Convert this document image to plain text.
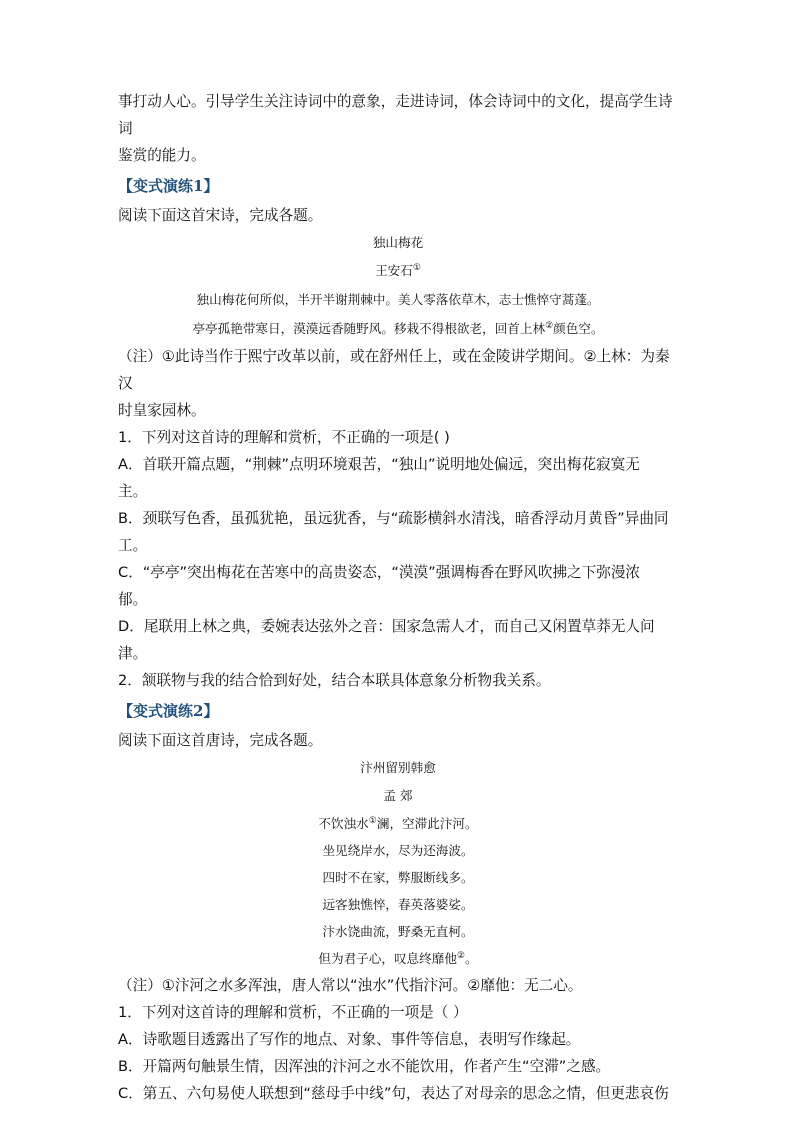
事打动人心。引导学生关注诗词中的意象，走进诗词，体会诗词中的文化，提高学生诗词

鉴赏的能力。

【变式演练1】

阅读下面这首宋诗，完成各题。

独山梅花
王安石①
独山梅花何所似，半开半谢荆棘中。美人零落依草木，志士憔悴守蒿蓬。
亭亭孤艳带寒日，漠漠远香随野风。移栽不得根欲老，回首上林②颜色空。

（注）①此诗当作于熙宁改革以前，或在舒州任上，或在金陵讲学期间。②上林：为秦汉

时皇家园林。

1．下列对这首诗的理解和赏析，不正确的一项是( )

A．首联开篇点题，“荆棘”点明环境艰苦，“独山”说明地处偏远，突出梅花寂寞无

主。

B．颈联写色香，虽孤犹艳，虽远犹香，与“疏影横斜水清浅，暗香浮动月黄昏”异曲同

工。

C．“亭亭”突出梅花在苦寒中的高贵姿态，“漠漠”强调梅香在野风吹拂之下弥漫浓

郁。

D．尾联用上林之典，委婉表达弦外之音：国家急需人才，而自己又闲置草莽无人问津。

2．颔联物与我的结合恰到好处，结合本联具体意象分析物我关系。

【变式演练2】

阅读下面这首唐诗，完成各题。

汴州留别韩愈
孟 郊
不饮浊水①澜，空滞此汴河。
坐见绕岸水，尽为还海波。
四时不在家，弊服断线多。
远客独憔悴，春英落婆娑。
汴水饶曲流，野桑无直柯。
但为君子心，叹息终靡他②。

（注）①汴河之水多浑浊，唐人常以“浊水”代指汴河。②靡他：无二心。

1．下列对这首诗的理解和赏析，不正确的一项是（ ）

A．诗歌题目透露出了写作的地点、对象、事件等信息，表明写作缘起。

B．开篇两句触景生情，因浑浊的汴河之水不能饮用，作者产生“空滞”之感。

C．第五、六句易使人联想到“慈母手中线”句，表达了对母亲的思念之情，但更悲哀伤
